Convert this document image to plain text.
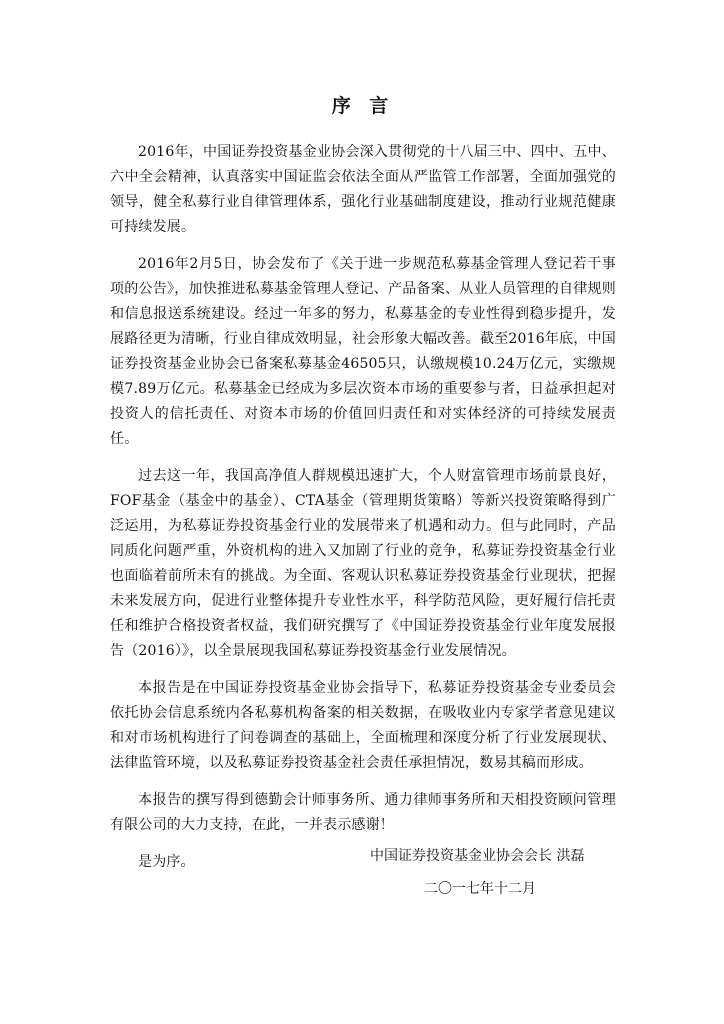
序 言

2016年，中国证券投资基金业协会深入贯彻党的十八届三中、四中、五中、六中全会精神，认真落实中国证监会依法全面从严监管工作部署，全面加强党的领导，健全私募行业自律管理体系，强化行业基础制度建设，推动行业规范健康可持续发展。

2016年2月5日，协会发布了《关于进一步规范私募基金管理人登记若干事项的公告》，加快推进私募基金管理人登记、产品备案、从业人员管理的自律规则和信息报送系统建设。经过一年多的努力，私募基金的专业性得到稳步提升，发展路径更为清晰，行业自律成效明显，社会形象大幅改善。截至2016年底，中国证券投资基金业协会已备案私募基金46505只，认缴规模10.24万亿元，实缴规模7.89万亿元。私募基金已经成为多层次资本市场的重要参与者，日益承担起对投资人的信托责任、对资本市场的价值回归责任和对实体经济的可持续发展责任。

过去这一年，我国高净值人群规模迅速扩大，个人财富管理市场前景良好，FOF基金（基金中的基金）、CTA基金（管理期货策略）等新兴投资策略得到广泛运用，为私募证券投资基金行业的发展带来了机遇和动力。但与此同时，产品同质化问题严重，外资机构的进入又加剧了行业的竞争，私募证券投资基金行业也面临着前所未有的挑战。为全面、客观认识私募证券投资基金行业现状，把握未来发展方向，促进行业整体提升专业性水平，科学防范风险，更好履行信托责任和维护合格投资者权益，我们研究撰写了《中国证券投资基金行业年度发展报告（2016）》，以全景展现我国私募证券投资基金行业发展情况。

本报告是在中国证券投资基金业协会指导下，私募证券投资基金专业委员会依托协会信息系统内各私募机构备案的相关数据，在吸收业内专家学者意见建议和对市场机构进行了问卷调查的基础上，全面梳理和深度分析了行业发展现状、法律监管环境，以及私募证券投资基金社会责任承担情况，数易其稿而形成。

本报告的撰写得到德勤会计师事务所、通力律师事务所和天相投资顾问管理有限公司的大力支持，在此，一并表示感谢！

是为序。	中国证券投资基金业协会会长 洪磊
二〇一七年十二月
